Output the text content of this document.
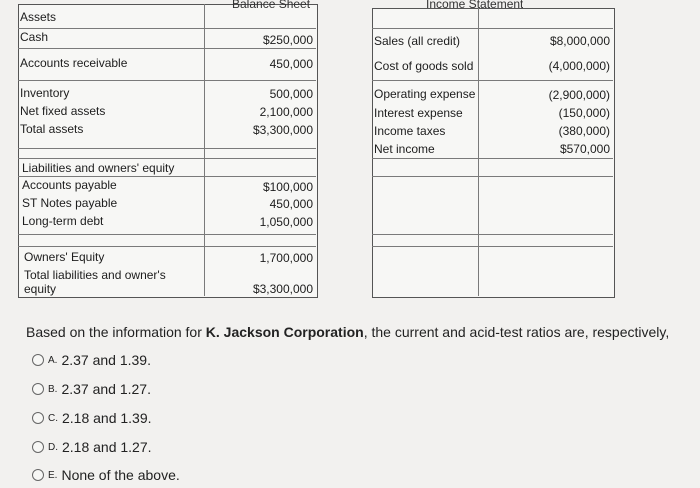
Balance Sheet
Assets
Cash	$250,000
Accounts receivable	450,000
Inventory	500,000
Net fixed assets	2,100,000
Total assets	$3,300,000
Liabilities and owners' equity
Accounts payable	$100,000
ST Notes payable	450,000
Long-term debt	1,050,000
Owners' Equity	1,700,000
Total liabilities and owner's
equity	$3,300,000
Income Statement
Sales (all credit)	$8,000,000
Cost of goods sold	(4,000,000)
Operating expense	(2,900,000)
Interest expense	(150,000)
Income taxes	(380,000)
Net income	$570,000
Based on the information for K. Jackson Corporation, the current and acid-test ratios are, respectively,
A. 2.37 and 1.39.
B. 2.37 and 1.27.
C. 2.18 and 1.39.
D. 2.18 and 1.27.
E. None of the above.
